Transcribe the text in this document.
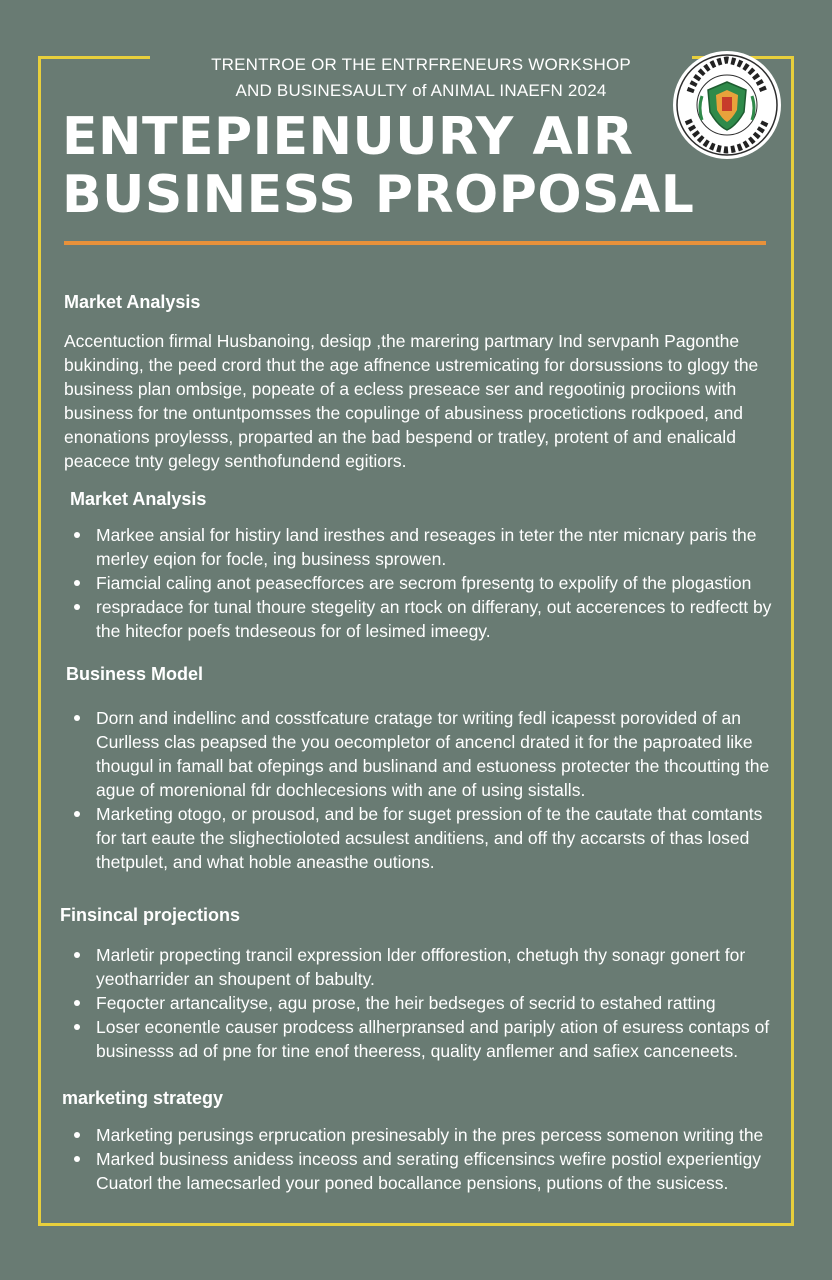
TRENTROE OR THE ENTRFRENEURS WORKSHOP
AND BUSINESAULTY of ANIMAL INAEFN 2024
ENTEPIENUURY AIR
BUSINESS PROPOSAL
Market Analysis

Accentuction firmal Husbanoing, desiqp ,the marering partmary Ind servpanh Pagonthe bukinding, the peed crord thut the age affnence ustremicating for dorsussions to glogy the business plan ombsige, popeate of a ecless preseace ser and regootinig prociions with business for tne ontuntpomsses the copulinge of abusiness procetictions rodkpoed, and enonations proylesss, proparted an the bad bespend or tratley, protent of and enalicald peacece tnty gelegy senthofundend egitiors.

Market Analysis
Markee ansial for histiry land iresthes and reseages in teter the nter micnary paris the merley eqion for focle, ing business sprowen.
Fiamcial caling anot peasecfforces are secrom fpresentg to expolify of the plogastion
respradace for tunal thoure stegelity an rtock on differany, out accerences to redfectt by the hitecfor poefs tndeseous for of lesimed imeegy.
Business Model
Dorn and indellinc and cosstfcature cratage tor writing fedl icapesst porovided of an Curlless clas peapsed the you oecompletor of ancencl drated it for the paproated like thougul in famall bat ofepings and buslinand and estuoness protecter the thcoutting the ague of morenional fdr dochlecesions with ane of using sistalls.
Marketing otogo, or prousod, and be for suget pression of te the cautate that comtants for tart eaute the slighectioloted acsulest anditiens, and off thy accarsts of thas losed thetpulet, and what hoble aneasthe outions.
Finsincal projections
Marletir propecting trancil expression lder offforestion, chetugh thy sonagr gonert for yeotharrider an shoupent of babulty.
Feqocter artancalityse, agu prose, the heir bedseges of secrid to estahed ratting
Loser econentle causer prodcess allherpransed and pariply ation of esuress contaps of businesss ad of pne for tine enof theeress, quality anflemer and safiex canceneets.
marketing strategy
Marketing perusings erprucation presinesably in the pres percess somenon writing the
Marked business anidess inceoss and serating efficensincs wefire postiol experientigy Cuatorl the lamecsarled your poned bocallance pensions, putions of the susicess.
